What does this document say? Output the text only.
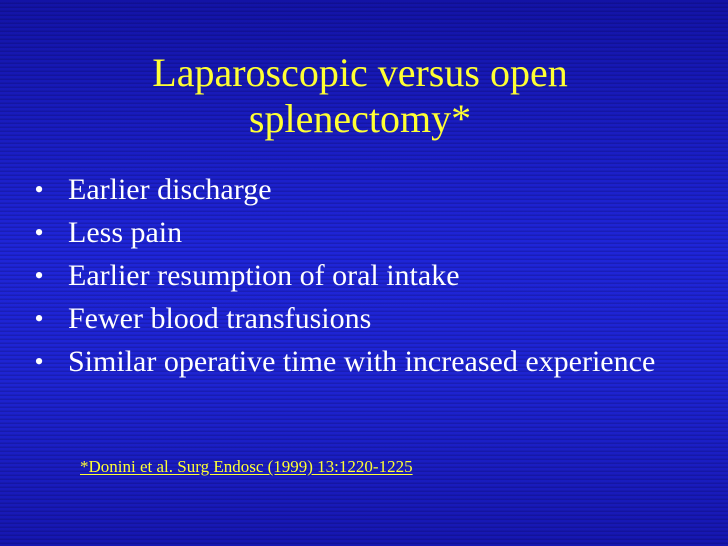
Laparoscopic versus open splenectomy*
• Earlier discharge
• Less pain
• Earlier resumption of oral intake
• Fewer blood transfusions
• Similar operative time with increased experience

*Donini et al. Surg Endosc (1999) 13:1220-1225
